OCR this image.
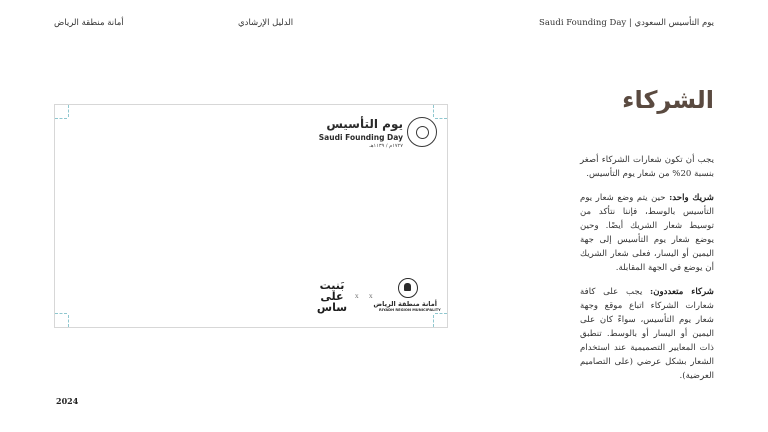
يوم التأسيس السعودي | Saudi Founding Day
الدليل الإرشادي
أمانة منطقة الرياض
الشركاء

يجب أن تكون شعارات الشركاء أصغر بنسبة 20% من شعار يوم التأسيس.

شريك واحد: حين يتم وضع شعار يوم التأسيس بالوسط، فإننا نتأكد من توسيط شعار الشريك أيضًا. وحين يوضع شعار يوم التأسيس إلى جهة اليمين أو اليسار، فعلى شعار الشريك أن يوضع في الجهة المقابلة.

شركاء متعددون: يجب على كافة شعارات الشركاء اتباع موقع وجهة شعار يوم التأسيس، سواءً كان على اليمين أو اليسار أو بالوسط. تنطبق ذات المعايير التصميمية عند استخدام الشعار بشكل عرضي (على التصاميم العرضية).

2024
يوم التأسيس
Saudi Founding Day
١٧٢٧م / ١١٣٩هـ
أمانة منطقة الرياض
RIYADH REGION MUNICIPALITY
X
X
بَنيت على ساس
